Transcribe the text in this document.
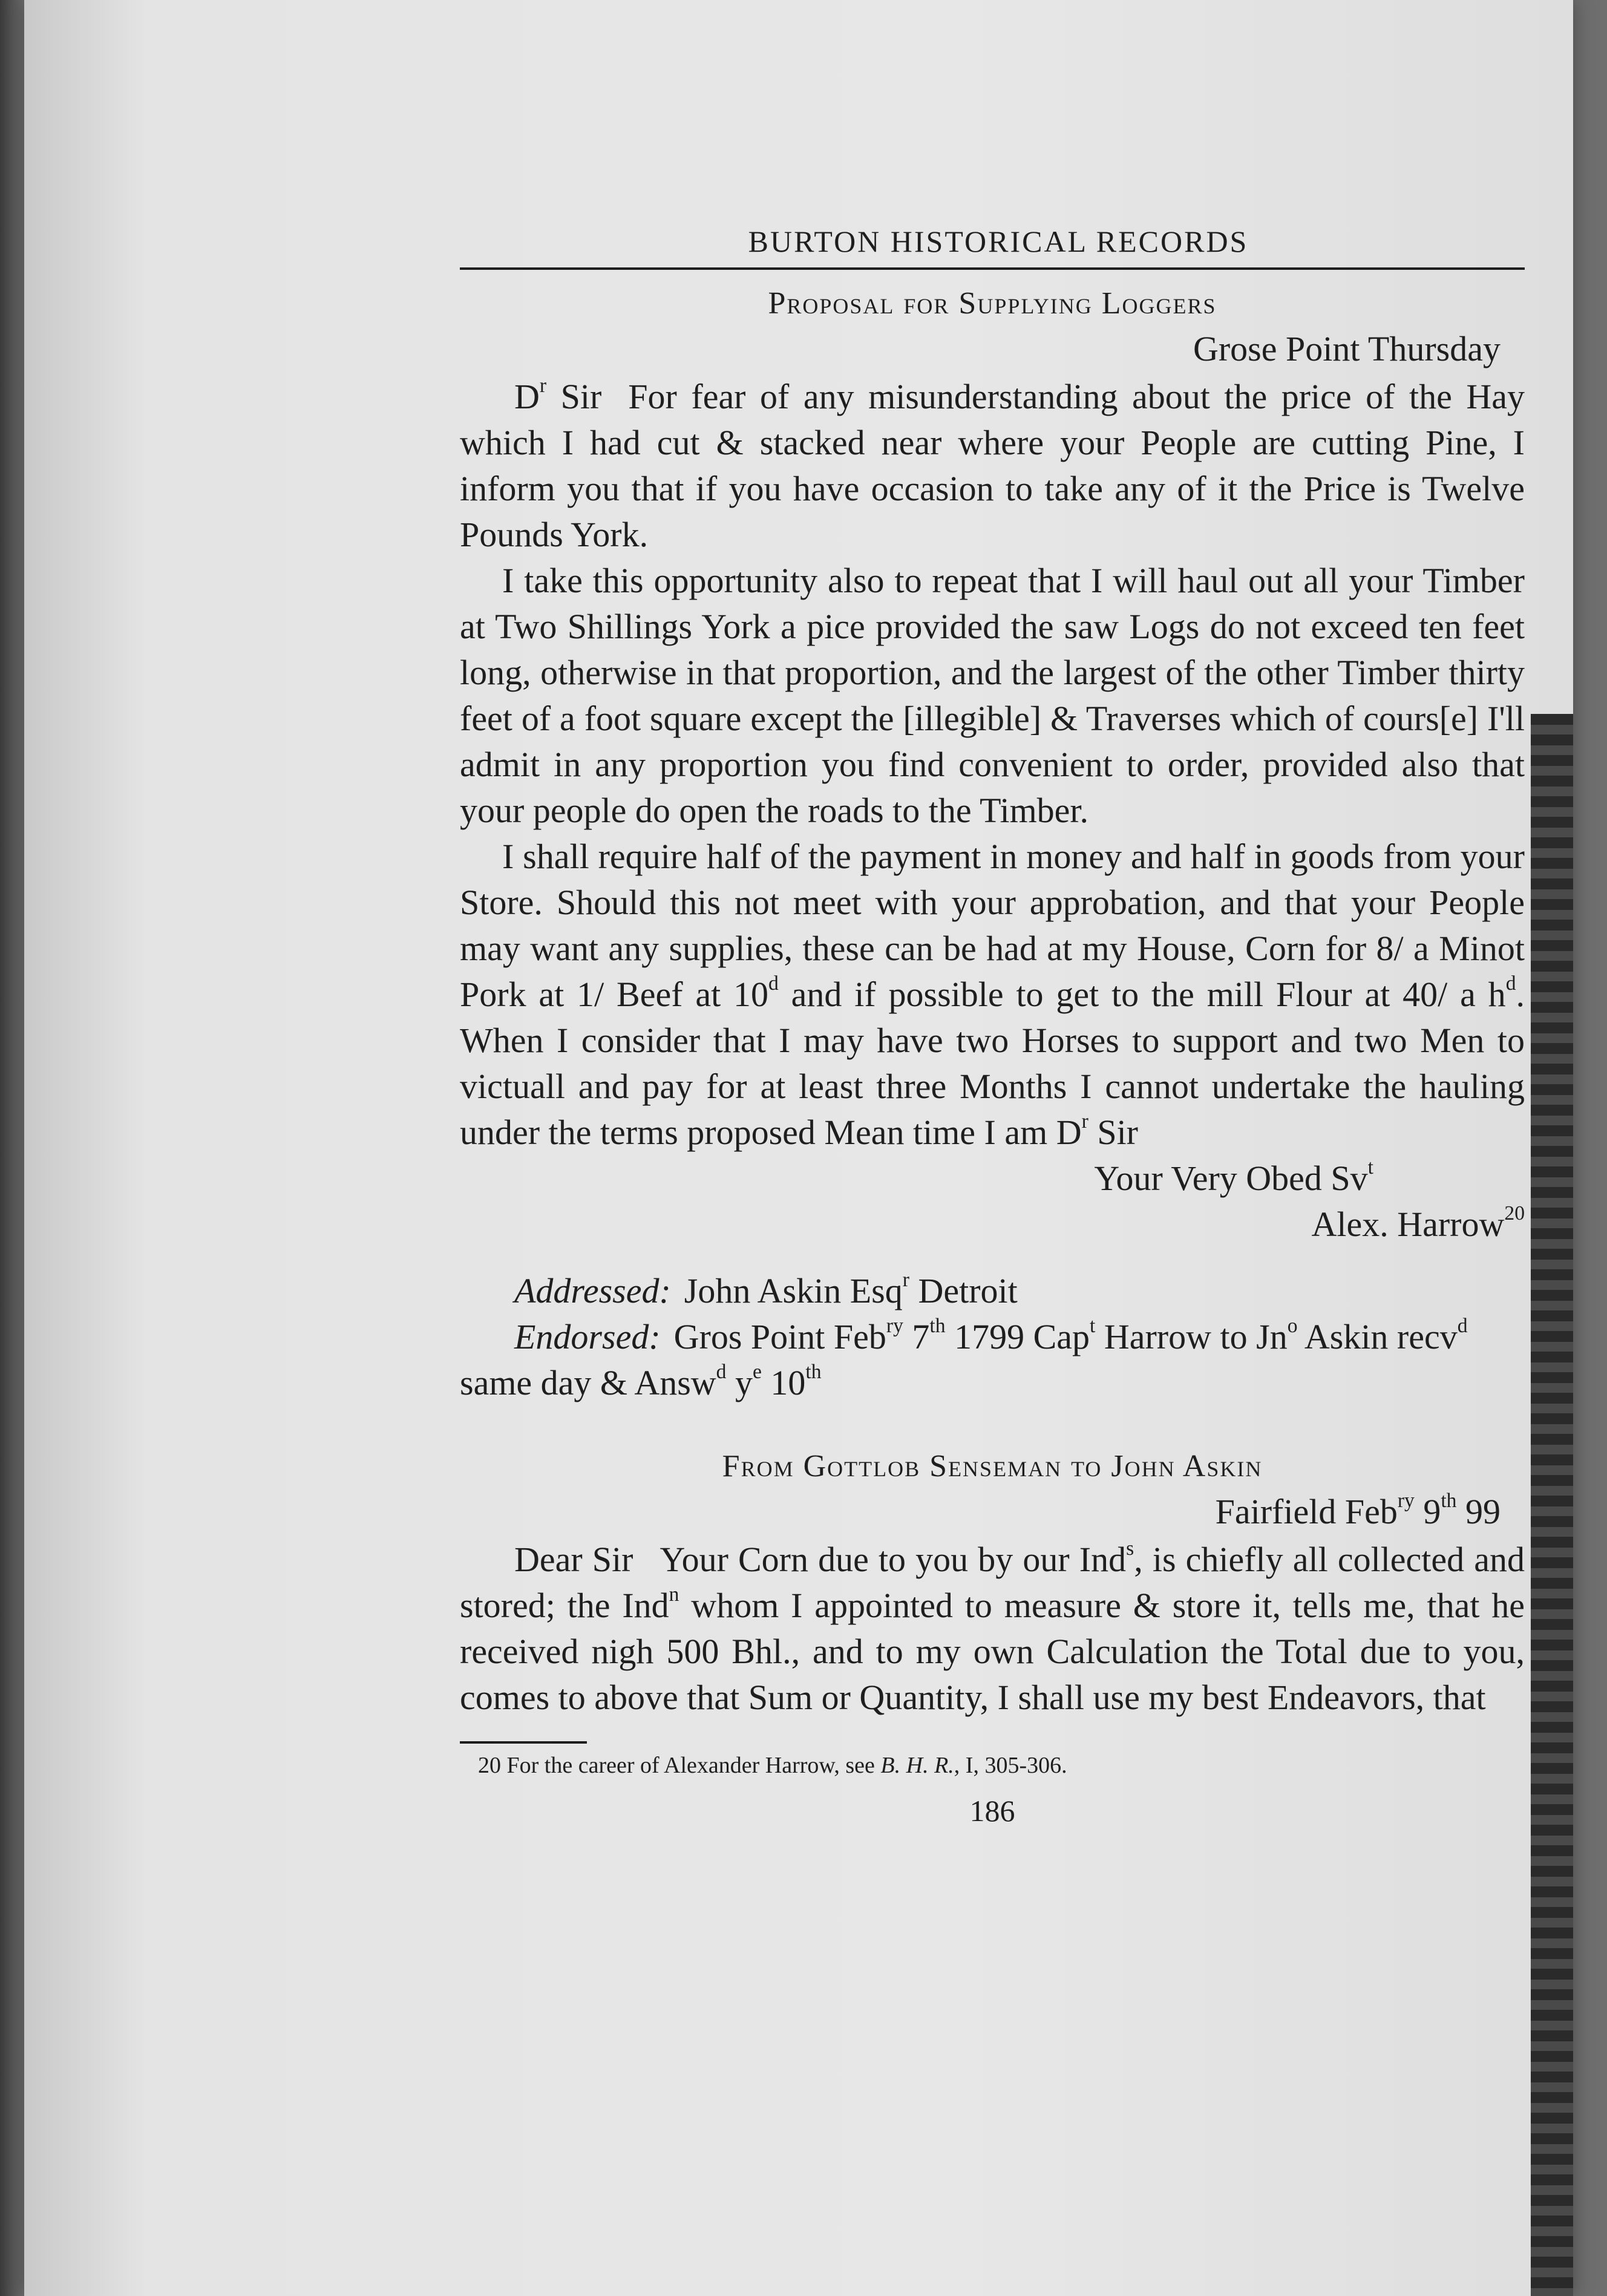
BURTON HISTORICAL RECORDS

Proposal for Supplying Loggers

Grose Point Thursday

$D^r$ Sir For fear of any misunderstanding about the price of the Hay which I had cut & stacked near where your People are cutting Pine, I inform you that if you have occasion to take any of it the Price is Twelve Pounds York.

I take this opportunity also to repeat that I will haul out all your Timber at Two Shillings York a pice provided the saw Logs do not exceed ten feet long, otherwise in that proportion, and the largest of the other Timber thirty feet of a foot square except the [illegible] & Traverses which of cours[e] I'll admit in any proportion you find convenient to order, provided also that your people do open the roads to the Timber.

I shall require half of the payment in money and half in goods from your Store. Should this not meet with your approbation, and that your People may want any supplies, these can be had at my House, Corn for 8/ a Minot Pork at 1/ Beef at 10$^d$ and if possible to get to the mill Flour at 40/ a $h^d$. When I consider that I may have two Horses to support and two Men to victuall and pay for at least three Months I cannot undertake the hauling under the terms proposed Mean time I am $D^r$ Sir

Your Very Obed Sv$^t$

Alex. Harrow$^{20}$

Addressed: John Askin Esq$^r$ Detroit

Endorsed: Gros Point Feb$^{ry}$ 7th 1799 Cap$^t$ Harrow to Jn$^o$ Askin recv$^d$ same day & Answ$^d$ $y^e$ 10th

From Gottlob Senseman to John Askin

Fairfield Feb$^{ry}$ 9th 99

Dear Sir Your Corn due to you by our Ind$^s$, is chiefly all collected and stored; the Ind$^n$ whom I appointed to measure & store it, tells me, that he received nigh 500 Bhl., and to my own Calculation the Total due to you, comes to above that Sum or Quantity, I shall use my best Endeavors, that

20 For the career of Alexander Harrow, see B. H. R., I, 305-306.

186
